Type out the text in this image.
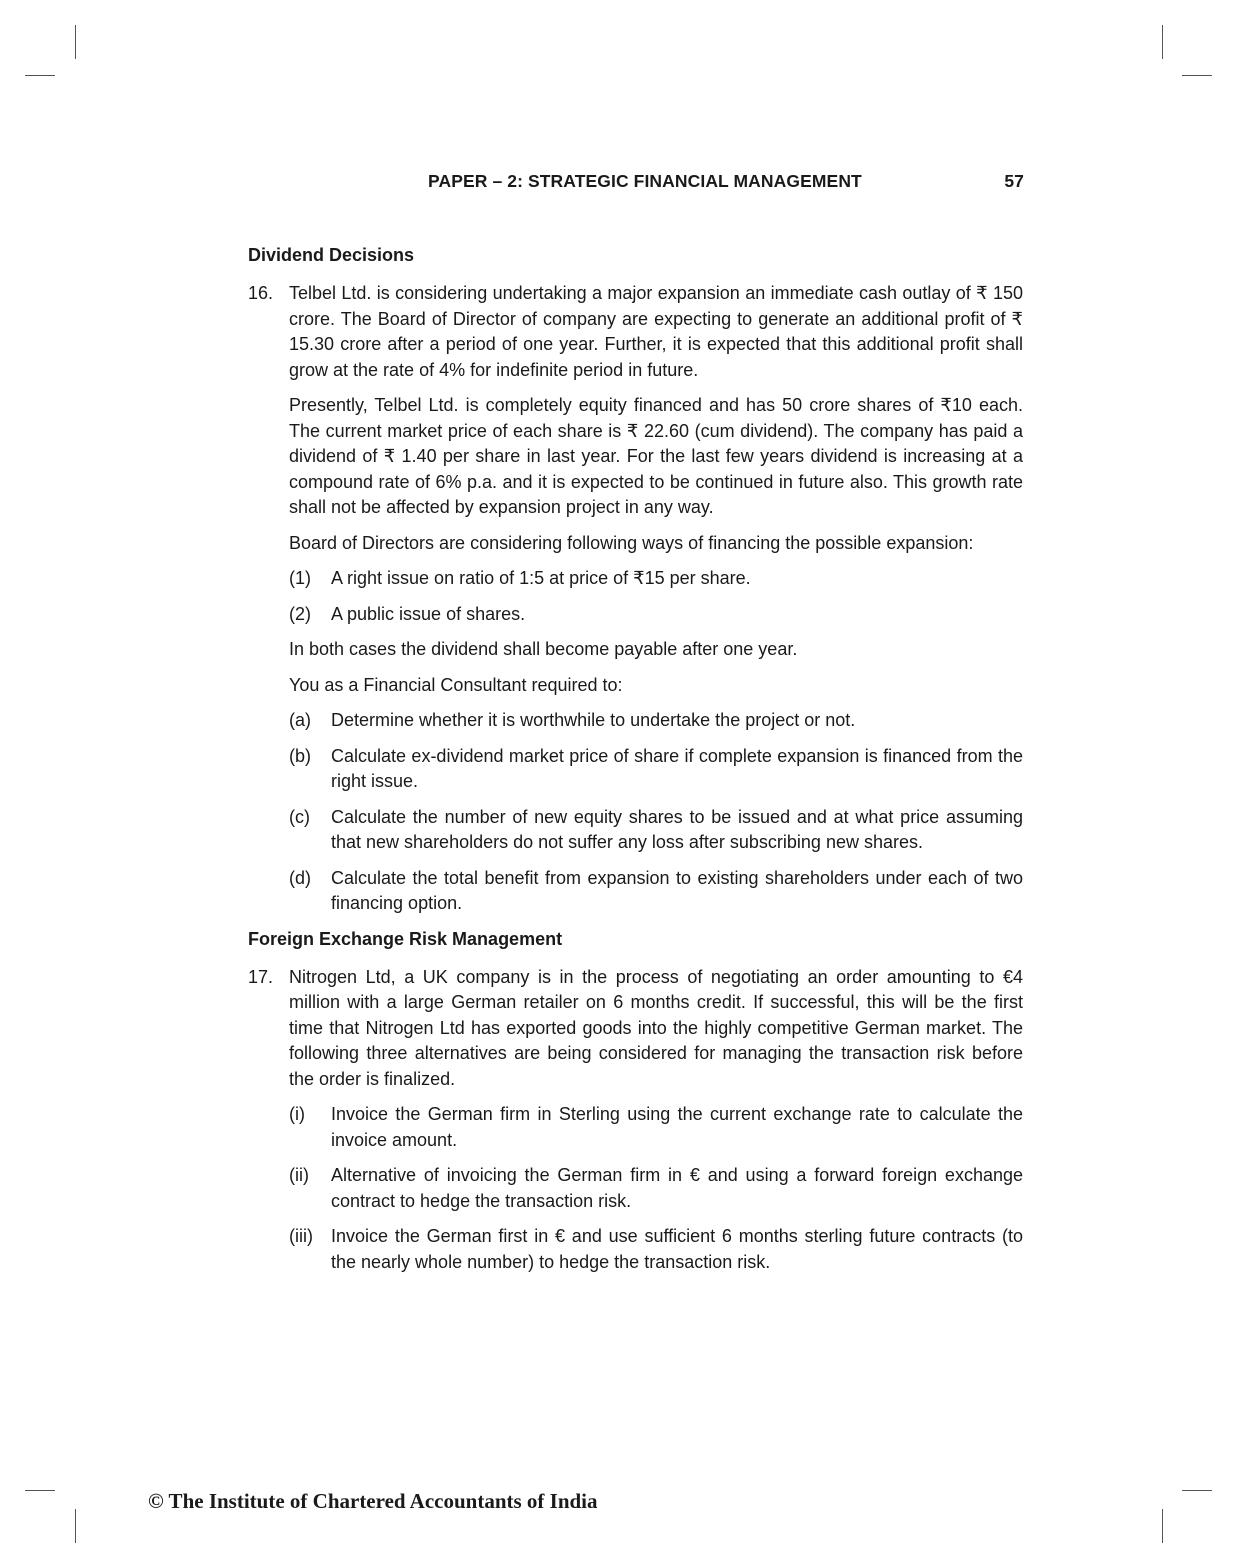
PAPER – 2: STRATEGIC FINANCIAL MANAGEMENT	57
Dividend Decisions
16. Telbel Ltd. is considering undertaking a major expansion an immediate cash outlay of ₹ 150 crore. The Board of Director of company are expecting to generate an additional profit of ₹ 15.30 crore after a period of one year. Further, it is expected that this additional profit shall grow at the rate of 4% for indefinite period in future.

Presently, Telbel Ltd. is completely equity financed and has 50 crore shares of ₹10 each. The current market price of each share is ₹ 22.60 (cum dividend). The company has paid a dividend of ₹ 1.40 per share in last year. For the last few years dividend is increasing at a compound rate of 6% p.a. and it is expected to be continued in future also. This growth rate shall not be affected by expansion project in any way.

Board of Directors are considering following ways of financing the possible expansion:

(1) A right issue on ratio of 1:5 at price of ₹15 per share.

(2) A public issue of shares.

In both cases the dividend shall become payable after one year.

You as a Financial Consultant required to:

(a) Determine whether it is worthwhile to undertake the project or not.

(b) Calculate ex-dividend market price of share if complete expansion is financed from the right issue.

(c) Calculate the number of new equity shares to be issued and at what price assuming that new shareholders do not suffer any loss after subscribing new shares.

(d) Calculate the total benefit from expansion to existing shareholders under each of two financing option.

Foreign Exchange Risk Management
17. Nitrogen Ltd, a UK company is in the process of negotiating an order amounting to €4 million with a large German retailer on 6 months credit. If successful, this will be the first time that Nitrogen Ltd has exported goods into the highly competitive German market. The following three alternatives are being considered for managing the transaction risk before the order is finalized.

(i) Invoice the German firm in Sterling using the current exchange rate to calculate the invoice amount.

(ii) Alternative of invoicing the German firm in € and using a forward foreign exchange contract to hedge the transaction risk.

(iii) Invoice the German first in € and use sufficient 6 months sterling future contracts (to the nearly whole number) to hedge the transaction risk.

© The Institute of Chartered Accountants of India
